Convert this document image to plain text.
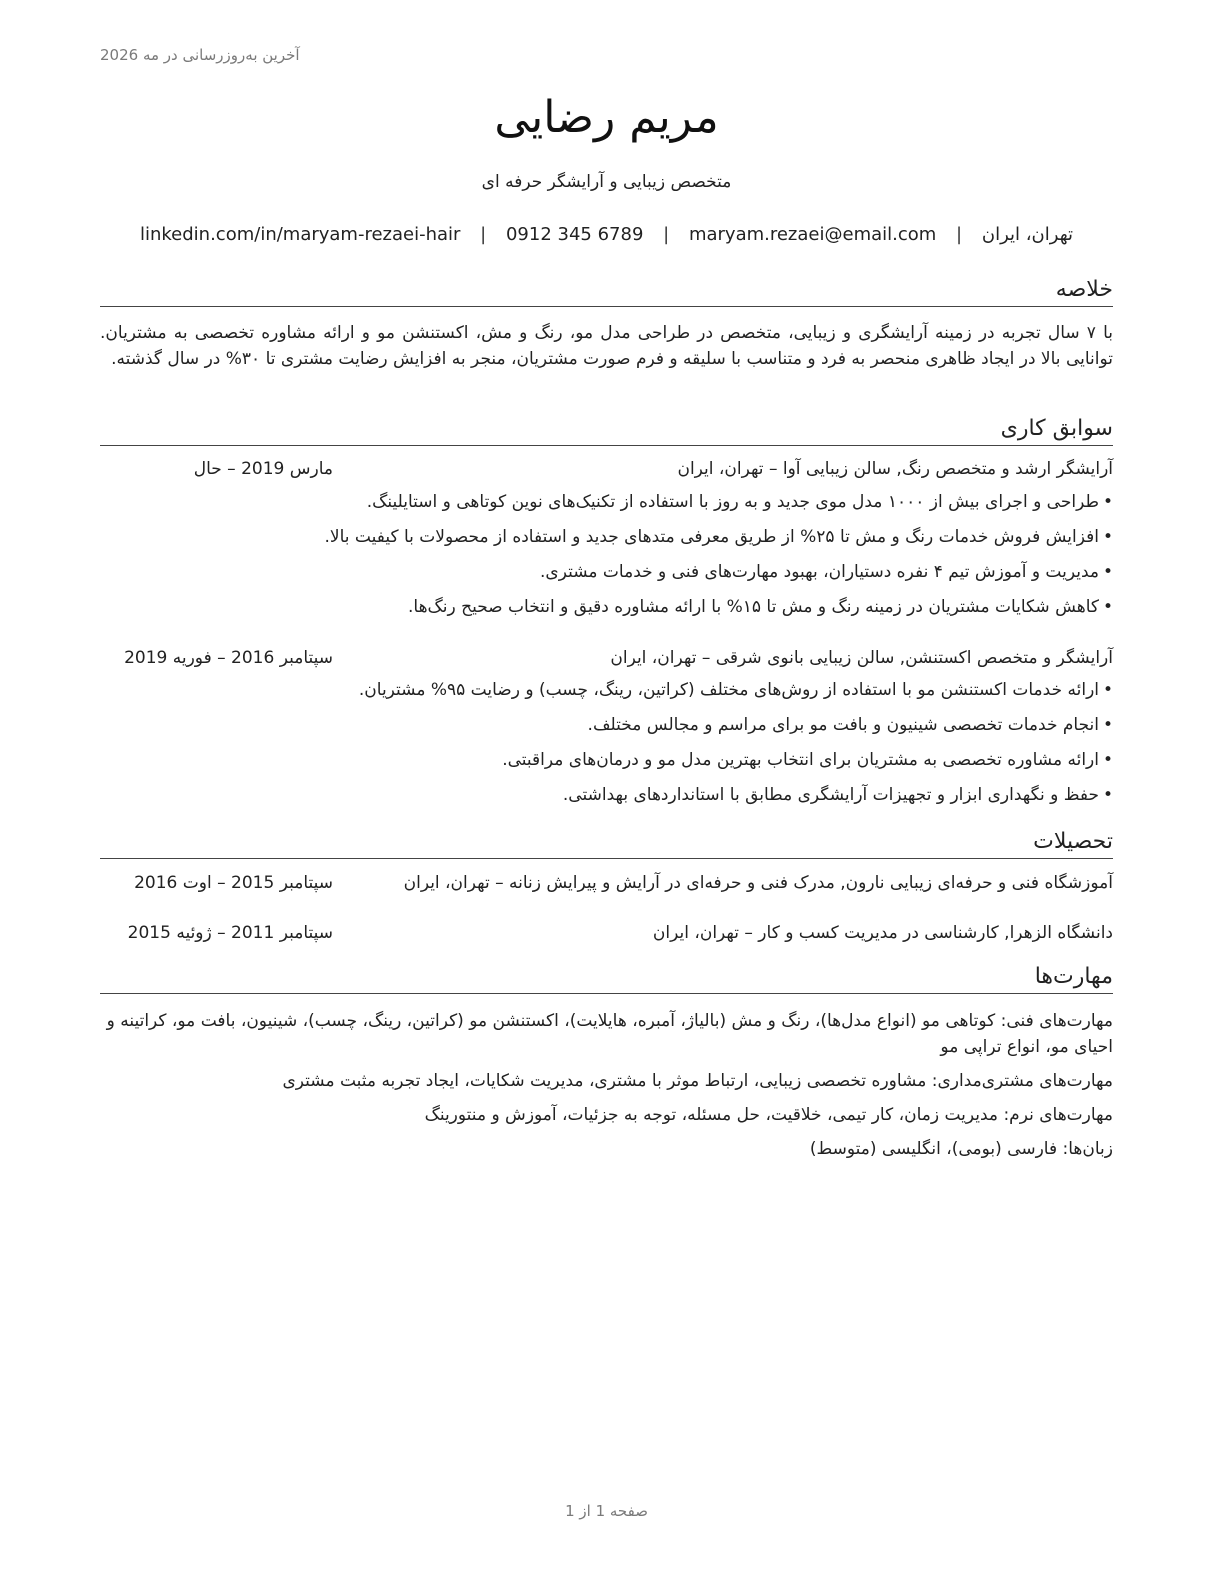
آخرین به‌روزرسانی در مه 2026
مریم رضایی
متخصص زیبایی و آرایشگر حرفه ای
تهران، ایران | maryam.rezaei@email.com | 0912 345 6789 | linkedin.com/in/maryam-rezaei-hair
خلاصه

با ۷ سال تجربه در زمینه آرایشگری و زیبایی، متخصص در طراحی مدل مو، رنگ و مش، اکستنشن مو و ارائه مشاوره تخصصی به مشتریان. توانایی بالا در ایجاد ظاهری منحصر به فرد و متناسب با سلیقه و فرم صورت مشتریان، منجر به افزایش رضایت مشتری تا ۳۰% در سال گذشته.

سوابق کاری
آرایشگر ارشد و متخصص رنگ, سالن زیبایی آوا – تهران، ایران
مارس 2019 – حال
•طراحی و اجرای بیش از ۱۰۰۰ مدل موی جدید و به روز با استفاده از تکنیک‌های نوین کوتاهی و استایلینگ.
•افزایش فروش خدمات رنگ و مش تا ۲۵% از طریق معرفی متدهای جدید و استفاده از محصولات با کیفیت بالا.
•مدیریت و آموزش تیم ۴ نفره دستیاران، بهبود مهارت‌های فنی و خدمات مشتری.
•کاهش شکایات مشتریان در زمینه رنگ و مش تا ۱۵% با ارائه مشاوره دقیق و انتخاب صحیح رنگ‌ها.
آرایشگر و متخصص اکستنشن, سالن زیبایی بانوی شرقی – تهران، ایران
سپتامبر 2016 – فوریه 2019
•ارائه خدمات اکستنشن مو با استفاده از روش‌های مختلف (کراتین، رینگ، چسب) و رضایت ۹۵% مشتریان.
•انجام خدمات تخصصی شینیون و بافت مو برای مراسم و مجالس مختلف.
•ارائه مشاوره تخصصی به مشتریان برای انتخاب بهترین مدل مو و درمان‌های مراقبتی.
•حفظ و نگهداری ابزار و تجهیزات آرایشگری مطابق با استانداردهای بهداشتی.
تحصیلات
آموزشگاه فنی و حرفه‌ای زیبایی نارون, مدرک فنی و حرفه‌ای در آرایش و پیرایش زنانه – تهران، ایران
سپتامبر 2015 – اوت 2016
دانشگاه الزهرا, کارشناسی در مدیریت کسب و کار – تهران، ایران
سپتامبر 2011 – ژوئیه 2015
مهارت‌ها

مهارت‌های فنی: کوتاهی مو (انواع مدل‌ها)، رنگ و مش (بالیاژ، آمبره، هایلایت)، اکستنشن مو (کراتین، رینگ، چسب)، شینیون، بافت مو، کراتینه و احیای مو، انواع تراپی مو

مهارت‌های مشتری‌مداری: مشاوره تخصصی زیبایی، ارتباط موثر با مشتری، مدیریت شکایات، ایجاد تجربه مثبت مشتری

مهارت‌های نرم: مدیریت زمان، کار تیمی، خلاقیت، حل مسئله، توجه به جزئیات، آموزش و منتورینگ

زبان‌ها: فارسی (بومی)، انگلیسی (متوسط)

صفحه 1 از 1
